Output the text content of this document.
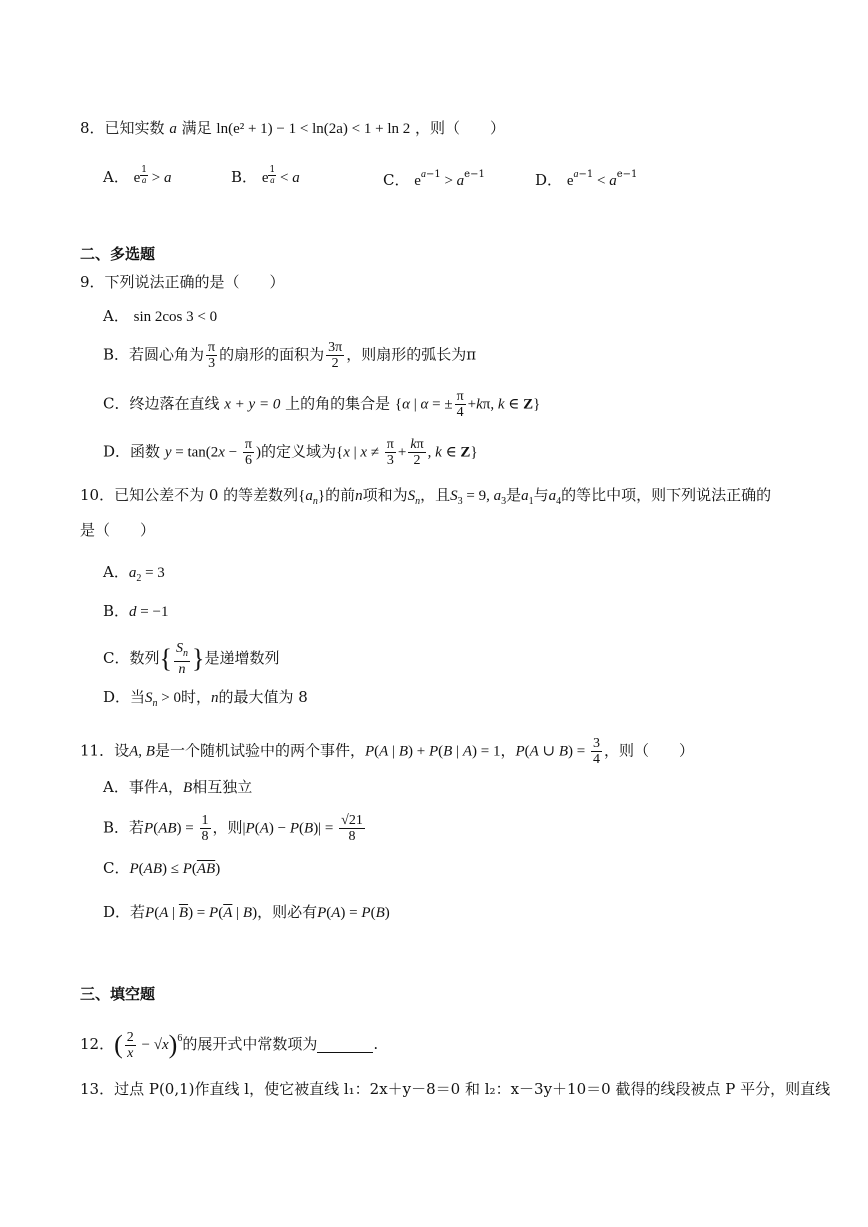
8．已知实数 a 满足 ln(e² + 1) − 1 < ln(2a) < 1 + ln 2 ，则（　　）
A． e $\frac{1}{a} > a$	B． e $\frac{1}{a} < a$	C． $e^{a-1} > a^{e-1}$	D． $e^{a-1} < a^{e-1}$
二、多选题
9．下列说法正确的是（　　）
A． sin 2cos 3 < 0
B．若圆心角为 $\frac{\pi}{3}$ 的扇形的面积为 $\frac{3\pi}{2}$ ，则扇形的弧长为π
C．终边落在直线 x + y = 0 上的角的集合是 {α | α = ± $\frac{\pi}{4} +k\pi$, k ∈ Z}
D．函数 $y = \tan(2x - \frac{\pi}{6}$ )的定义域为{x | $x \ne \frac{\pi}{3} + \frac{k\pi}{2}$ , k ∈ Z}
10．已知公差不为 0 的等差数列$\{a_n\}$的前n项和为$S_n$，且$S_3 = 9$, $a_3$是$a_1$与$a_4$的等比中项，则下列说法正确的
是（　　）
A．$a_2 = 3$
B．d = −1
C．数列{ $\frac{S_n}{n}$ }是递增数列
D．当$S_n > 0$时，n的最大值为 8
11．设A, B是一个随机试验中的两个事件，P(A | B) + P(B | A) = 1，P(A ∪ $B) = \frac{3}{4}$ ，则（　　）
A．事件A，B相互独立
B．若$P(AB) = \frac{1}{8}$ ，则$|P(A) - P(B)| = \frac{√21}{8}$
C．$P(AB) \le P(\overline{AB})$
D．若P(A | $\overline{B}) = P(\overline{A}$ | B)，则必有P(A) = P(B)
三、填空题
12．( $\frac{2}{x} - √x)^6$的展开式中常数项为	.
13．过点 P(0,1)作直线 l，使它被直线 l₁：2x＋y－8＝0 和 l₂：x－3y＋10＝0 截得的线段被点 P 平分，则直线
